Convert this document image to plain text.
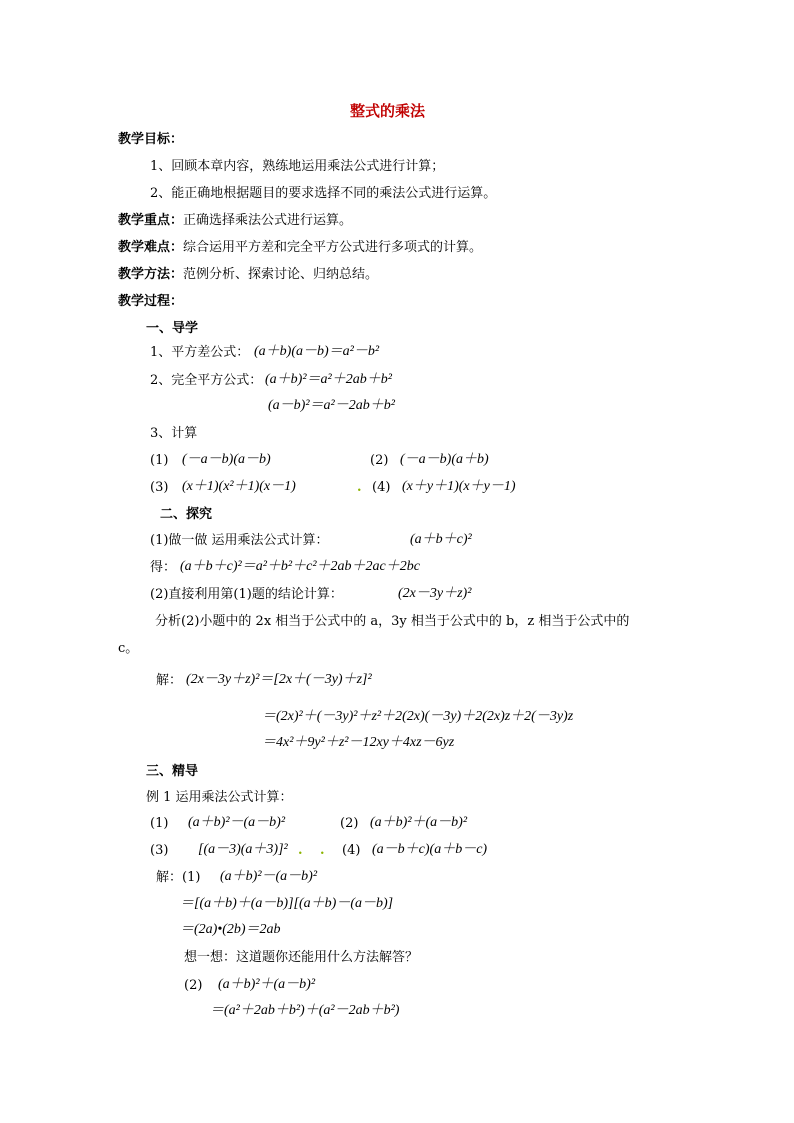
整式的乘法
教学目标：
1、回顾本章内容，熟练地运用乘法公式进行计算；
2、能正确地根据题目的要求选择不同的乘法公式进行运算。
教学重点：正确选择乘法公式进行运算。
教学难点：综合运用平方差和完全平方公式进行多项式的计算。
教学方法：范例分析、探索讨论、归纳总结。
教学过程：
一、导学
1、平方差公式： (a＋b)(a－b)＝a²－b²
2、完全平方公式： (a＋b)²＝a²＋2ab＋b²
(a－b)²＝a²－2ab＋b²
3、计算
(1) (－a－b)(a－b)	(2) (－a－b)(a＋b)
(3) (x＋1)(x²＋1)(x－1)	. (4) (x＋y＋1)(x＋y－1)
二、探究
(1)做一做 运用乘法公式计算：	(a＋b＋c)²
得： (a＋b＋c)²＝a²＋b²＋c²＋2ab＋2ac＋2bc
(2)直接利用第(1)题的结论计算：	(2x－3y＋z)²
分析(2)小题中的 2x 相当于公式中的 a，3y 相当于公式中的 b，z 相当于公式中的
c。
解： (2x－3y＋z)²＝[2x＋(－3y)＋z]²
＝(2x)²＋(－3y)²＋z²＋2(2x)(－3y)＋2(2x)z＋2(－3y)z
＝4x²＋9y²＋z²－12xy＋4xz－6yz
三、精导
例 1 运用乘法公式计算：
(1) (a＋b)²－(a－b)²	(2) (a＋b)²＋(a－b)²
(3) [(a－3)(a＋3)]² . . (4) (a－b＋c)(a＋b－c)
解：(1) (a＋b)²－(a－b)²
＝[(a＋b)＋(a－b)][(a＋b)－(a－b)]
＝(2a)•(2b)＝2ab
想一想：这道题你还能用什么方法解答？
(2) (a＋b)²＋(a－b)²
＝(a²＋2ab＋b²)＋(a²－2ab＋b²)
